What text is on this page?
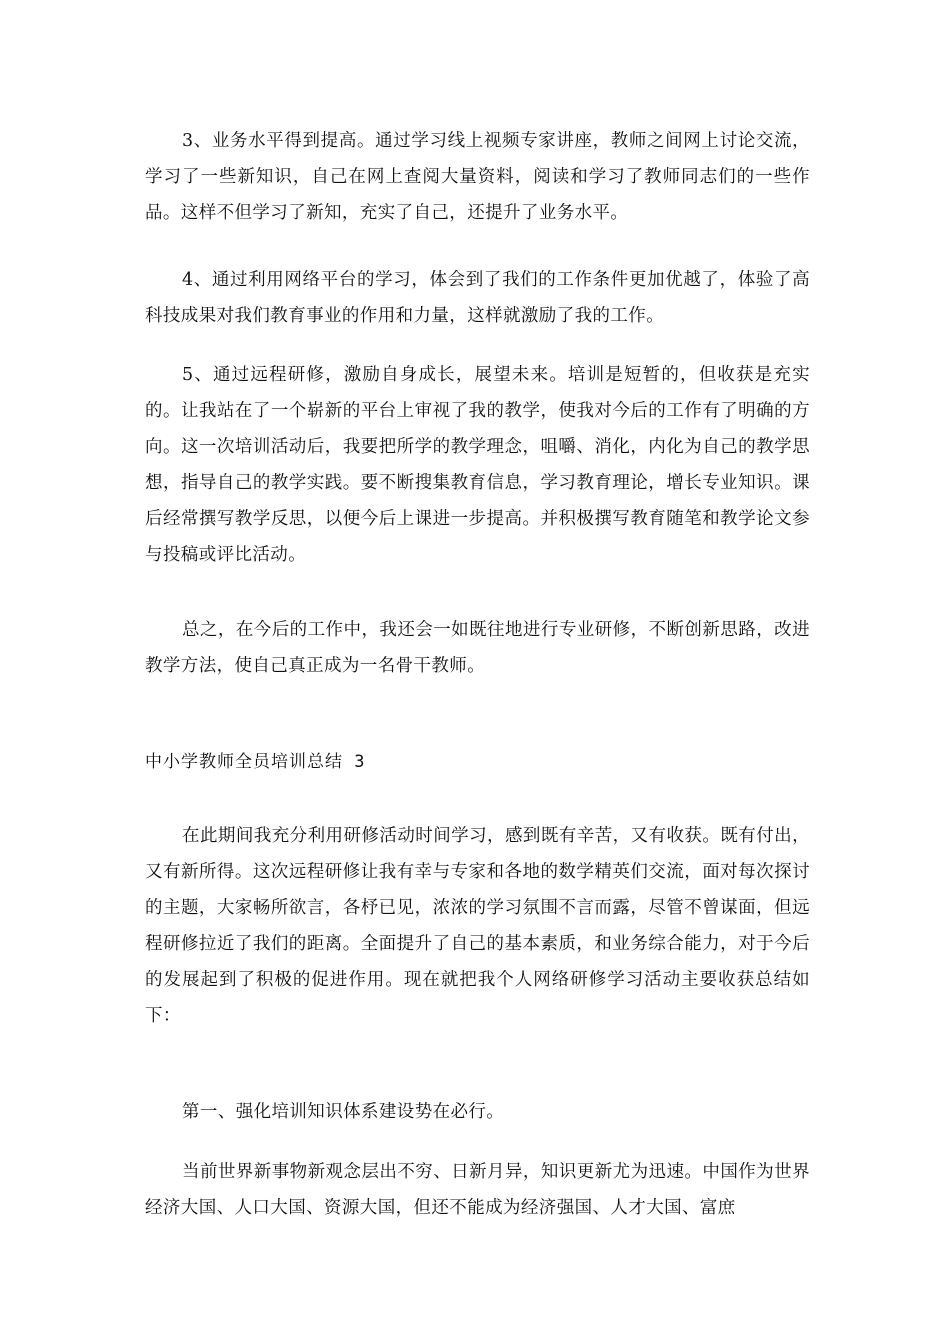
3、业务水平得到提高。通过学习线上视频专家讲座，教师之间网上讨论交流，学习了一些新知识，自己在网上查阅大量资料，阅读和学习了教师同志们的一些作品。这样不但学习了新知，充实了自己，还提升了业务水平。

4、通过利用网络平台的学习，体会到了我们的工作条件更加优越了，体验了高科技成果对我们教育事业的作用和力量，这样就激励了我的工作。

5、通过远程研修，激励自身成长，展望未来。培训是短暂的，但收获是充实的。让我站在了一个崭新的平台上审视了我的教学，使我对今后的工作有了明确的方向。这一次培训活动后，我要把所学的教学理念，咀嚼、消化，内化为自己的教学思想，指导自己的教学实践。要不断搜集教育信息，学习教育理论，增长专业知识。课后经常撰写教学反思，以便今后上课进一步提高。并积极撰写教育随笔和教学论文参与投稿或评比活动。

总之，在今后的工作中，我还会一如既往地进行专业研修，不断创新思路，改进教学方法，使自己真正成为一名骨干教师。

中小学教师全员培训总结 3

在此期间我充分利用研修活动时间学习，感到既有辛苦，又有收获。既有付出，又有新所得。这次远程研修让我有幸与专家和各地的数学精英们交流，面对每次探讨的主题，大家畅所欲言，各杼已见，浓浓的学习氛围不言而露，尽管不曾谋面，但远程研修拉近了我们的距离。全面提升了自己的基本素质，和业务综合能力，对于今后的发展起到了积极的促进作用。现在就把我个人网络研修学习活动主要收获总结如下：

第一、强化培训知识体系建设势在必行。

当前世界新事物新观念层出不穷、日新月异，知识更新尤为迅速。中国作为世界经济大国、人口大国、资源大国，但还不能成为经济强国、人才大国、富庶
